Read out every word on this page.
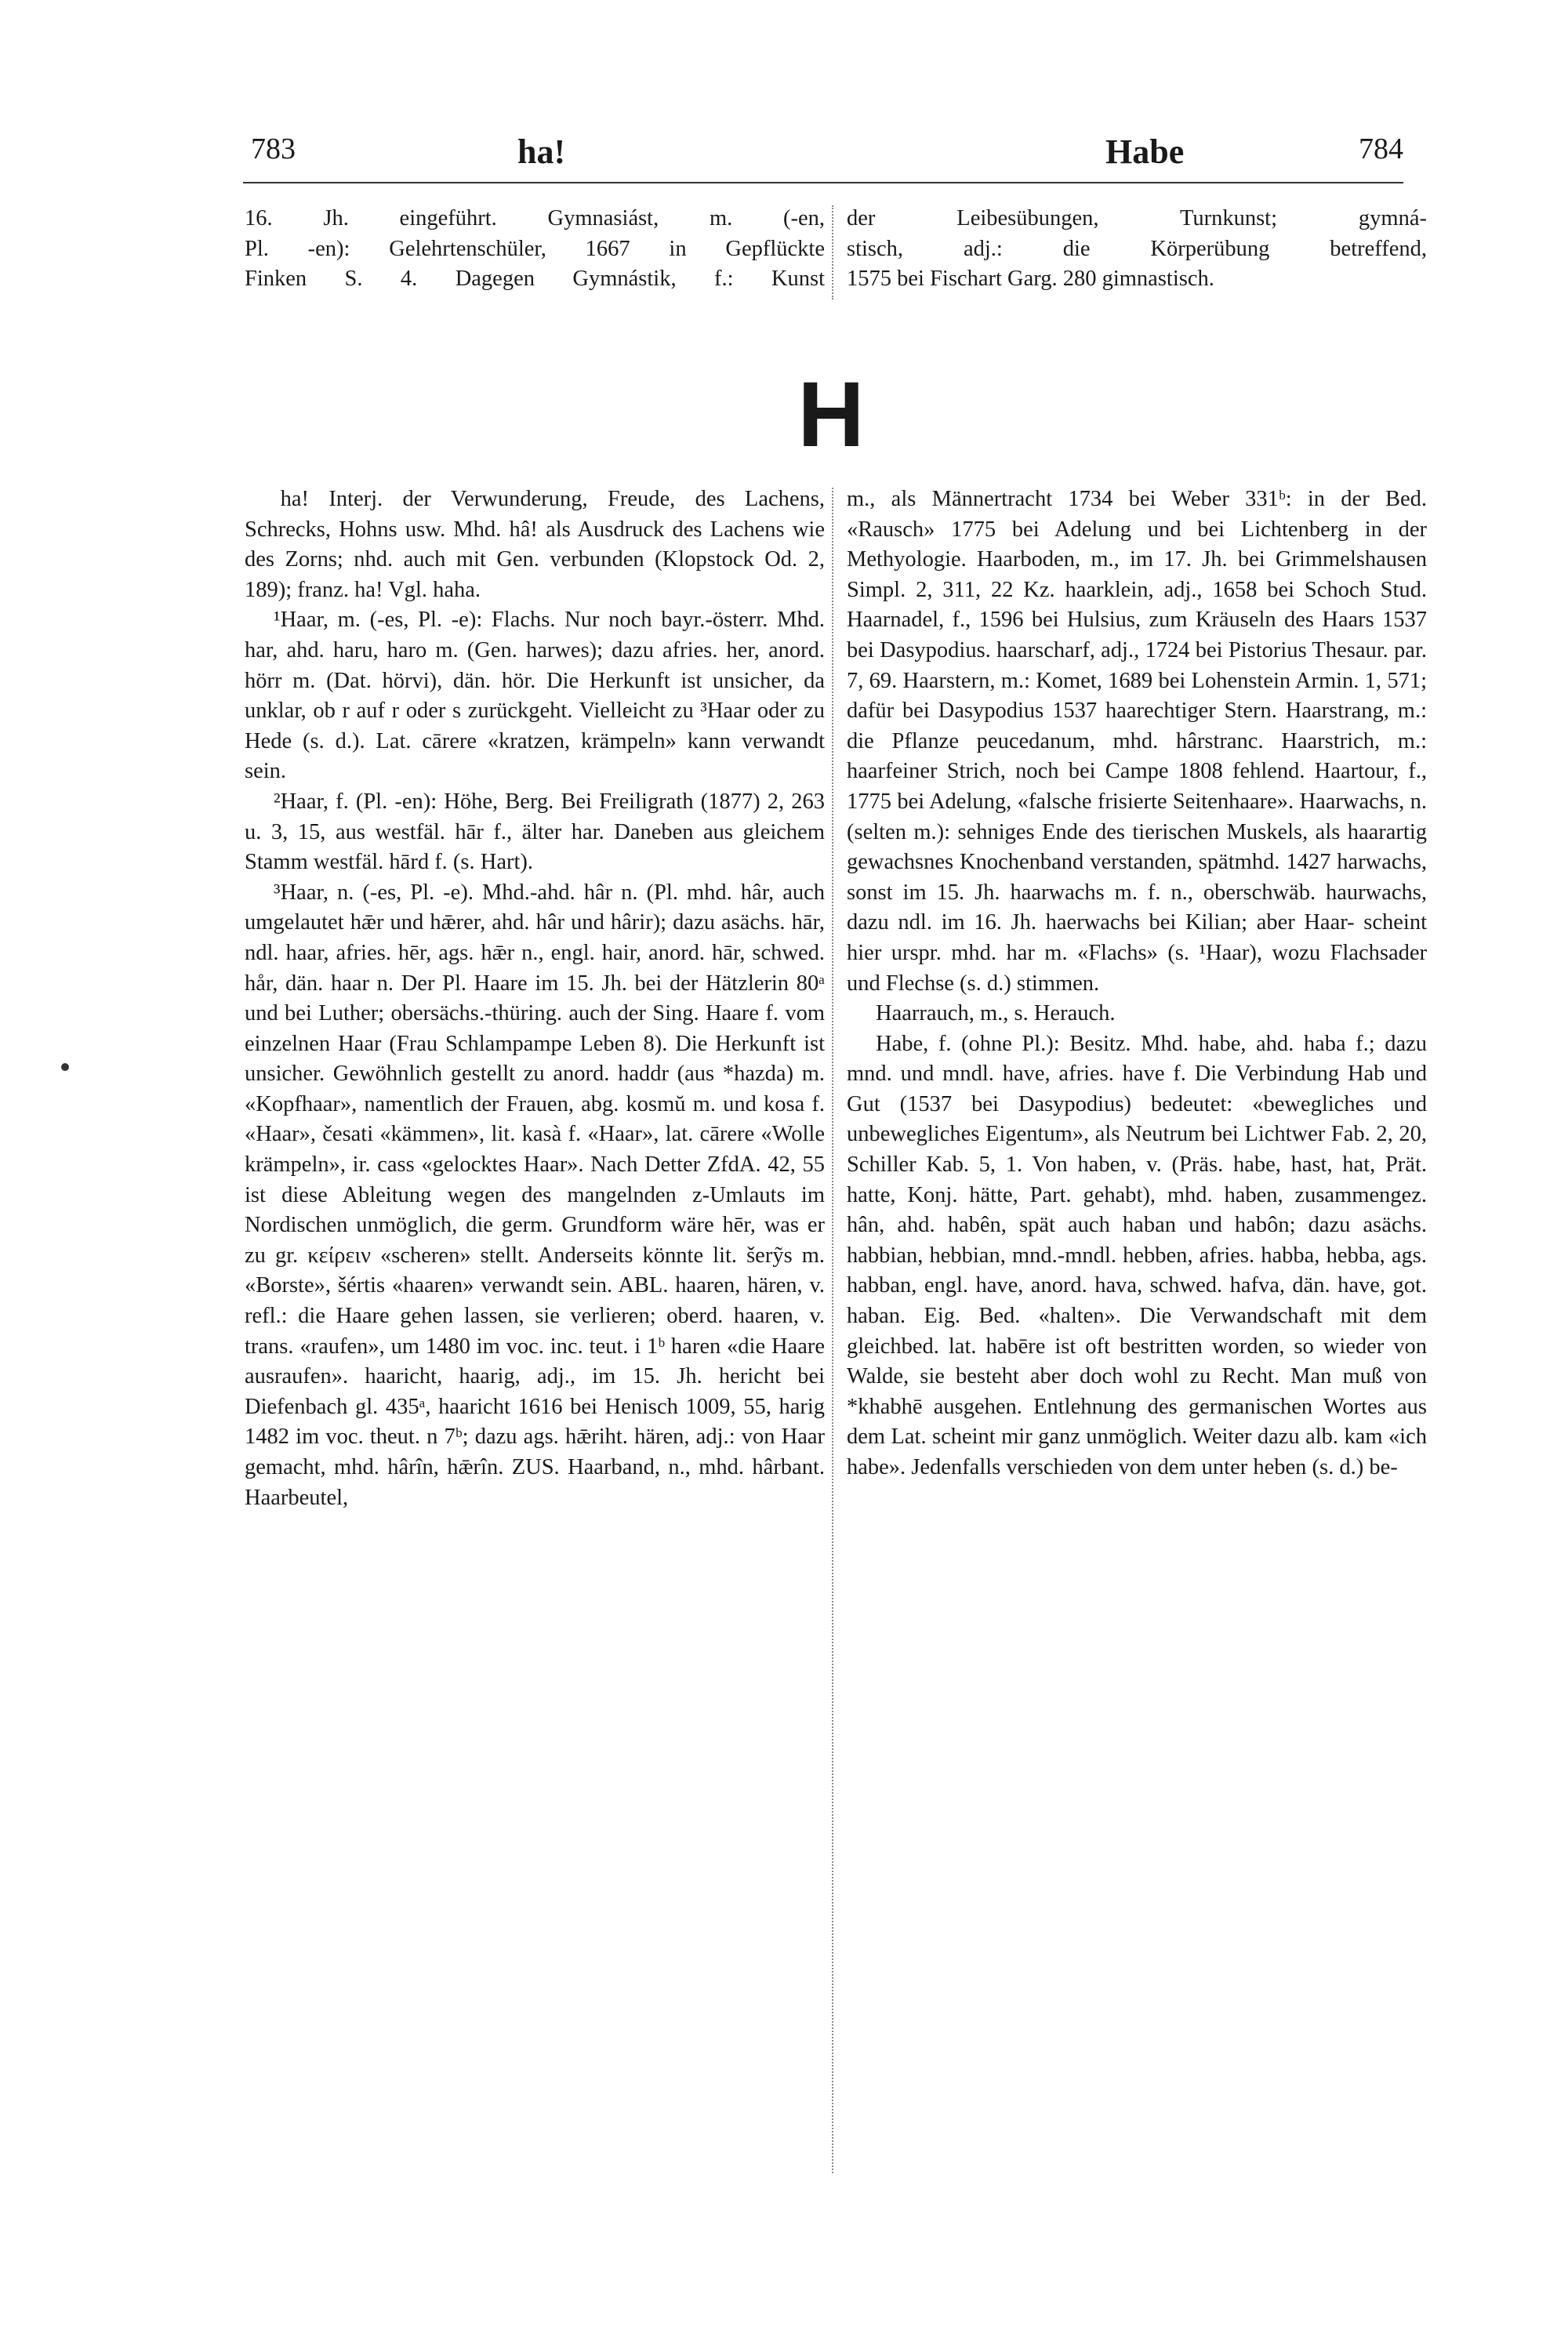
783	ha!	Habe	784

16. Jh. eingeführt. Gymnasiást, m. (-en,

Pl. -en): Gelehrtenschüler, 1667 in Gepflückte

Finken S. 4. Dagegen Gymnástik, f.: Kunst

der Leibesübungen, Turnkunst; gymná-

stisch, adj.: die Körperübung betreffend,

1575 bei Fischart Garg. 280 gimnastisch.

H

ha! Interj. der Verwunderung, Freude, des Lachens, Schrecks, Hohns usw. Mhd. hâ! als Ausdruck des Lachens wie des Zorns; nhd. auch mit Gen. verbunden (Klopstock Od. 2, 189); franz. ha! Vgl. haha.

¹Haar, m. (-es, Pl. -e): Flachs. Nur noch bayr.-österr. Mhd. har, ahd. haru, haro m. (Gen. harwes); dazu afries. her, anord. hörr m. (Dat. hörvi), dän. hör. Die Herkunft ist unsicher, da unklar, ob r auf r oder s zurückgeht. Vielleicht zu ³Haar oder zu Hede (s. d.). Lat. cārere «kratzen, krämpeln» kann verwandt sein.

²Haar, f. (Pl. -en): Höhe, Berg. Bei Freiligrath (1877) 2, 263 u. 3, 15, aus westfäl. hār f., älter har. Daneben aus gleichem Stamm westfäl. hārd f. (s. Hart).

³Haar, n. (-es, Pl. -e). Mhd.-ahd. hâr n. (Pl. mhd. hâr, auch umgelautet hǣr und hǣrer, ahd. hâr und hârir); dazu asächs. hār, ndl. haar, afries. hēr, ags. hǣr n., engl. hair, anord. hār, schwed. hår, dän. haar n. Der Pl. Haare im 15. Jh. bei der Hätzlerin 80ᵃ und bei Luther; obersächs.-thüring. auch der Sing. Haare f. vom einzelnen Haar (Frau Schlampampe Leben 8). Die Herkunft ist unsicher. Gewöhnlich gestellt zu anord. haddr (aus *hazda) m. «Kopfhaar», namentlich der Frauen, abg. kosmŭ m. und kosa f. «Haar», česati «kämmen», lit. kasà f. «Haar», lat. cārere «Wolle krämpeln», ir. cass «gelocktes Haar». Nach Detter ZfdA. 42, 55 ist diese Ableitung wegen des mangelnden z-Umlauts im Nordischen unmöglich, die germ. Grundform wäre hēr, was er zu gr. κείρειν «scheren» stellt. Anderseits könnte lit. šerỹs m. «Borste», šértis «haaren» verwandt sein. ABL. haaren, hären, v. refl.: die Haare gehen lassen, sie verlieren; oberd. haaren, v. trans. «raufen», um 1480 im voc. inc. teut. i 1ᵇ haren «die Haare ausraufen». haaricht, haarig, adj., im 15. Jh. hericht bei Diefenbach gl. 435ᵃ, haaricht 1616 bei Henisch 1009, 55, harig 1482 im voc. theut. n 7ᵇ; dazu ags. hǣriht. hären, adj.: von Haar gemacht, mhd. hârîn, hǣrîn. ZUS. Haarband, n., mhd. hârbant. Haarbeutel,

m., als Männertracht 1734 bei Weber 331ᵇ: in der Bed. «Rausch» 1775 bei Adelung und bei Lichtenberg in der Methyologie. Haarboden, m., im 17. Jh. bei Grimmelshausen Simpl. 2, 311, 22 Kz. haarklein, adj., 1658 bei Schoch Stud. Haarnadel, f., 1596 bei Hulsius, zum Kräuseln des Haars 1537 bei Dasypodius. haarscharf, adj., 1724 bei Pistorius Thesaur. par. 7, 69. Haarstern, m.: Komet, 1689 bei Lohenstein Armin. 1, 571; dafür bei Dasypodius 1537 haarechtiger Stern. Haarstrang, m.: die Pflanze peucedanum, mhd. hârstranc. Haarstrich, m.: haarfeiner Strich, noch bei Campe 1808 fehlend. Haartour, f., 1775 bei Adelung, «falsche frisierte Seitenhaare». Haarwachs, n. (selten m.): sehniges Ende des tierischen Muskels, als haarartig gewachsnes Knochenband verstanden, spätmhd. 1427 harwachs, sonst im 15. Jh. haarwachs m. f. n., oberschwäb. haurwachs, dazu ndl. im 16. Jh. haerwachs bei Kilian; aber Haar- scheint hier urspr. mhd. har m. «Flachs» (s. ¹Haar), wozu Flachsader und Flechse (s. d.) stimmen.

Haarrauch, m., s. Herauch.

Habe, f. (ohne Pl.): Besitz. Mhd. habe, ahd. haba f.; dazu mnd. und mndl. have, afries. have f. Die Verbindung Hab und Gut (1537 bei Dasypodius) bedeutet: «bewegliches und unbewegliches Eigentum», als Neutrum bei Lichtwer Fab. 2, 20, Schiller Kab. 5, 1. Von haben, v. (Präs. habe, hast, hat, Prät. hatte, Konj. hätte, Part. gehabt), mhd. haben, zusammengez. hân, ahd. habên, spät auch haban und habôn; dazu asächs. habbian, hebbian, mnd.-mndl. hebben, afries. habba, hebba, ags. habban, engl. have, anord. hava, schwed. hafva, dän. have, got. haban. Eig. Bed. «halten». Die Verwandschaft mit dem gleichbed. lat. habēre ist oft bestritten worden, so wieder von Walde, sie besteht aber doch wohl zu Recht. Man muß von *khabhē ausgehen. Entlehnung des germanischen Wortes aus dem Lat. scheint mir ganz unmöglich. Weiter dazu alb. kam «ich habe». Jedenfalls verschieden von dem unter heben (s. d.) be-
